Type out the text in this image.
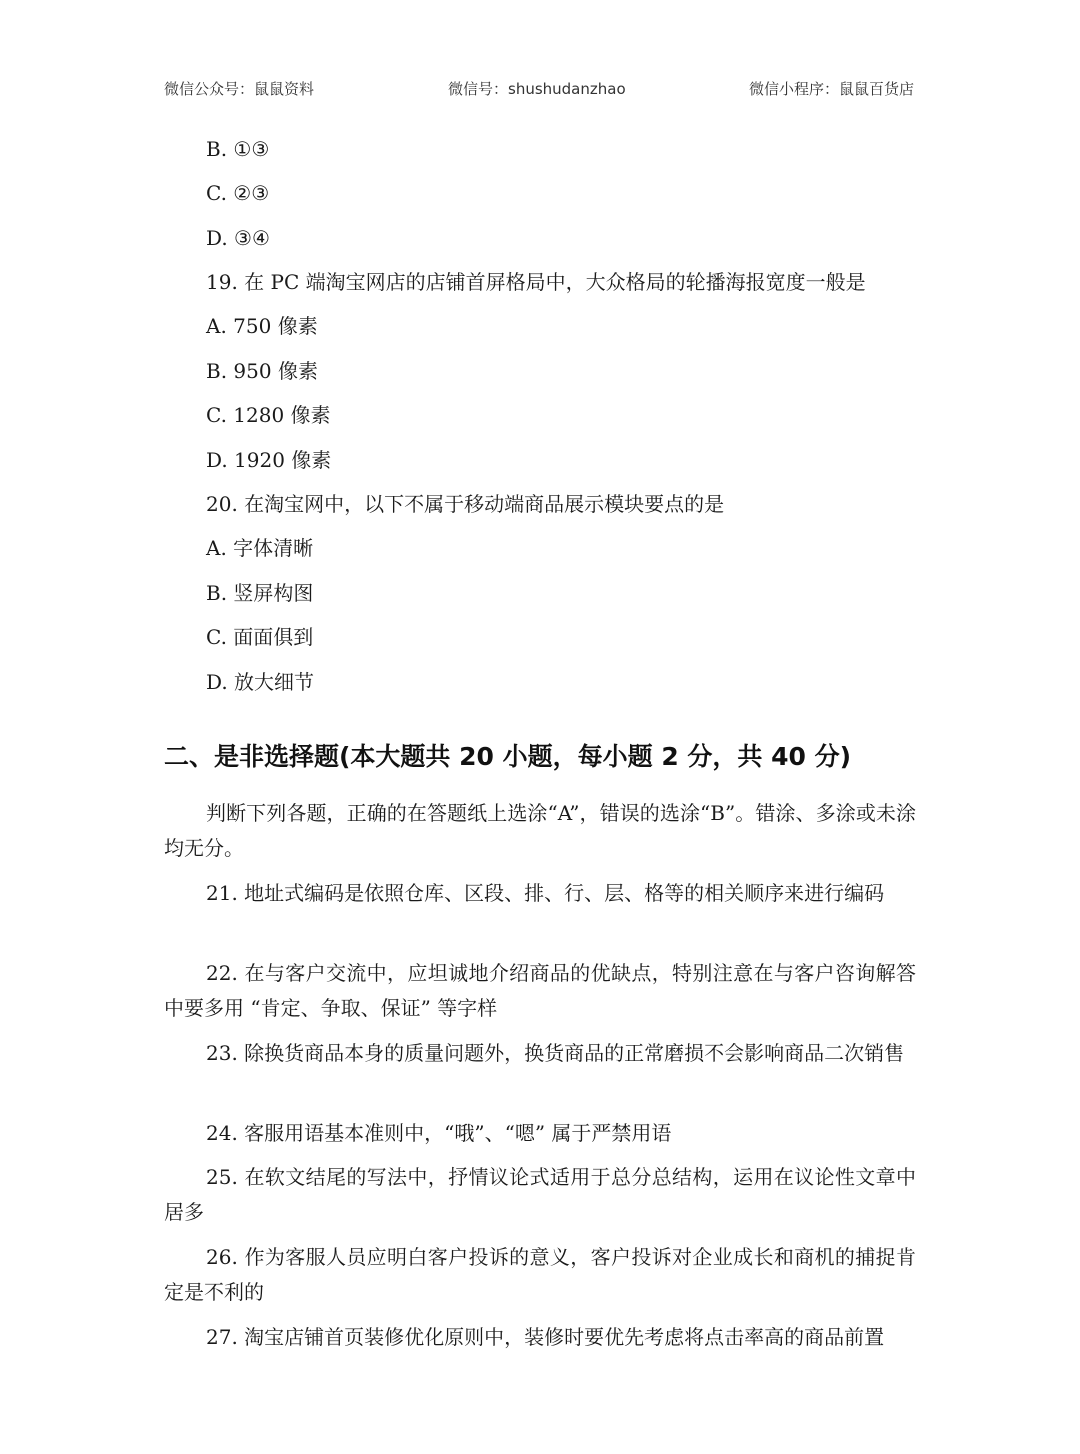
微信公众号：鼠鼠资料	微信号：shushudanzhao	微信小程序：鼠鼠百货店
B. ①③
C. ②③
D. ③④
19. 在 PC 端淘宝网店的店铺首屏格局中，大众格局的轮播海报宽度一般是
A. 750 像素
B. 950 像素
C. 1280 像素
D. 1920 像素
20. 在淘宝网中，以下不属于移动端商品展示模块要点的是
A. 字体清晰
B. 竖屏构图
C. 面面俱到
D. 放大细节
二、是非选择题(本大题共 20 小题，每小题 2 分，共 40 分)
判断下列各题，正确的在答题纸上选涂“A”，错误的选涂“B”。错涂、多涂或未涂均无分。
21. 地址式编码是依照仓库、区段、排、行、层、格等的相关顺序来进行编码
22. 在与客户交流中，应坦诚地介绍商品的优缺点，特别注意在与客户咨询解答中要多用 “肯定、争取、保证” 等字样
23. 除换货商品本身的质量问题外，换货商品的正常磨损不会影响商品二次销售
24. 客服用语基本准则中，“哦”、“嗯” 属于严禁用语
25. 在软文结尾的写法中，抒情议论式适用于总分总结构，运用在议论性文章中居多
26. 作为客服人员应明白客户投诉的意义，客户投诉对企业成长和商机的捕捉肯定是不利的
27. 淘宝店铺首页装修优化原则中，装修时要优先考虑将点击率高的商品前置
